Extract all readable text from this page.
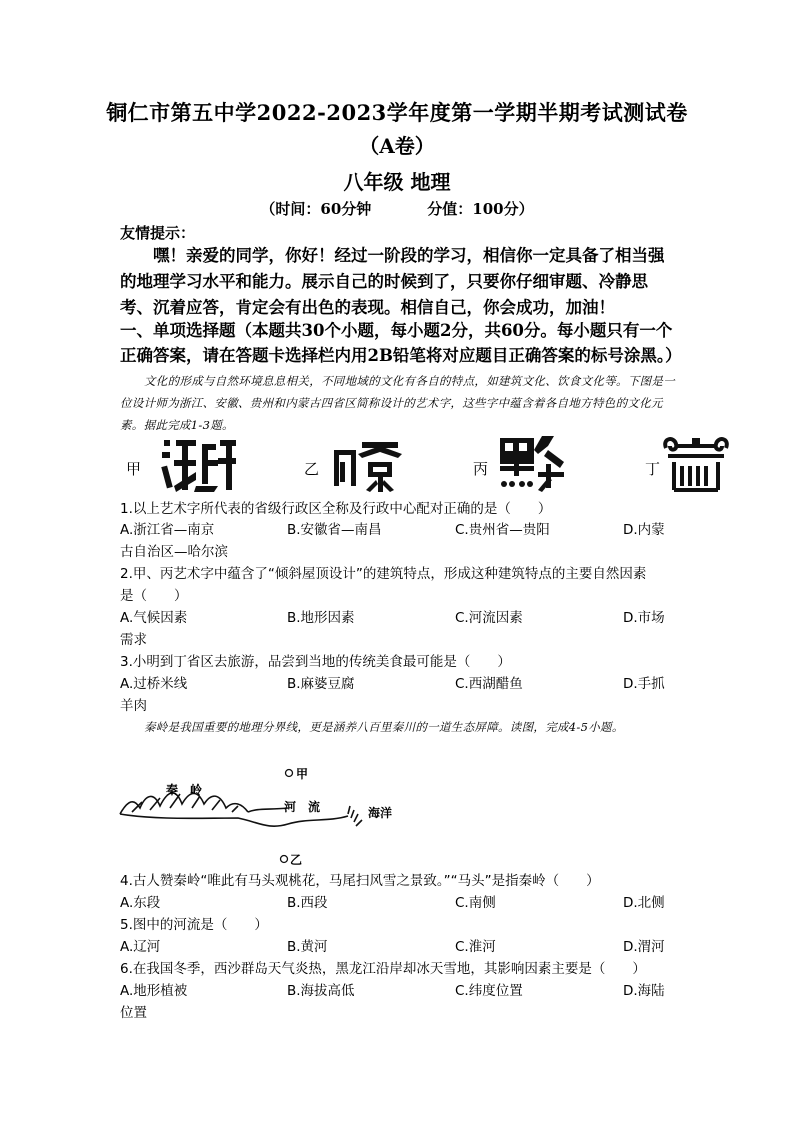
铜仁市第五中学2022-2023学年度第一学期半期考试测试卷
（A卷）
八年级 地理
（时间：60分钟	分值：100分）
友情提示：
嘿！亲爱的同学，你好！经过一阶段的学习，相信你一定具备了相当强的地理学习水平和能力。展示自己的时候到了，只要你仔细审题、冷静思考、沉着应答，肯定会有出色的表现。相信自己，你会成功，加油！
一、单项选择题（本题共30个小题，每小题2分，共60分。每小题只有一个正确答案，请在答题卡选择栏内用2B铅笔将对应题目正确答案的标号涂黑。）
文化的形成与自然环境息息相关，不同地域的文化有各自的特点，如建筑文化、饮食文化等。下图是一位设计师为浙江、安徽、贵州和内蒙古四省区简称设计的艺术字，这些字中蕴含着各自地方特色的文化元素。据此完成1-3题。
甲	乙	丙	丁
1.以上艺术字所代表的省级行政区全称及行政中心配对正确的是（　　）
A.浙江省—南京	B.安徽省—南昌	C.贵州省—贵阳	D.内蒙
古自治区—哈尔滨
2.甲、丙艺术字中蕴含了“倾斜屋顶设计”的建筑特点，形成这种建筑特点的主要自然因素
是（　　）
A.气候因素	B.地形因素	C.河流因素	D.市场
需求
3.小明到丁省区去旅游，品尝到当地的传统美食最可能是（　　）
A.过桥米线	B.麻婆豆腐	C.西湖醋鱼	D.手抓
羊肉
秦岭是我国重要的地理分界线，更是涵养八百里秦川的一道生态屏障。读图，完成4-5小题。
秦　岭
河　流	海洋
甲
乙
4.古人赞秦岭“唯此有马头观桃花，马尾扫风雪之景致。”“马头”是指秦岭（　　）
A.东段	B.西段	C.南侧	D.北侧
5.图中的河流是（　　）
A.辽河	B.黄河	C.淮河	D.渭河
6.在我国冬季，西沙群岛天气炎热，黑龙江沿岸却冰天雪地，其影响因素主要是（　　）
A.地形植被	B.海拔高低	C.纬度位置	D.海陆
位置
